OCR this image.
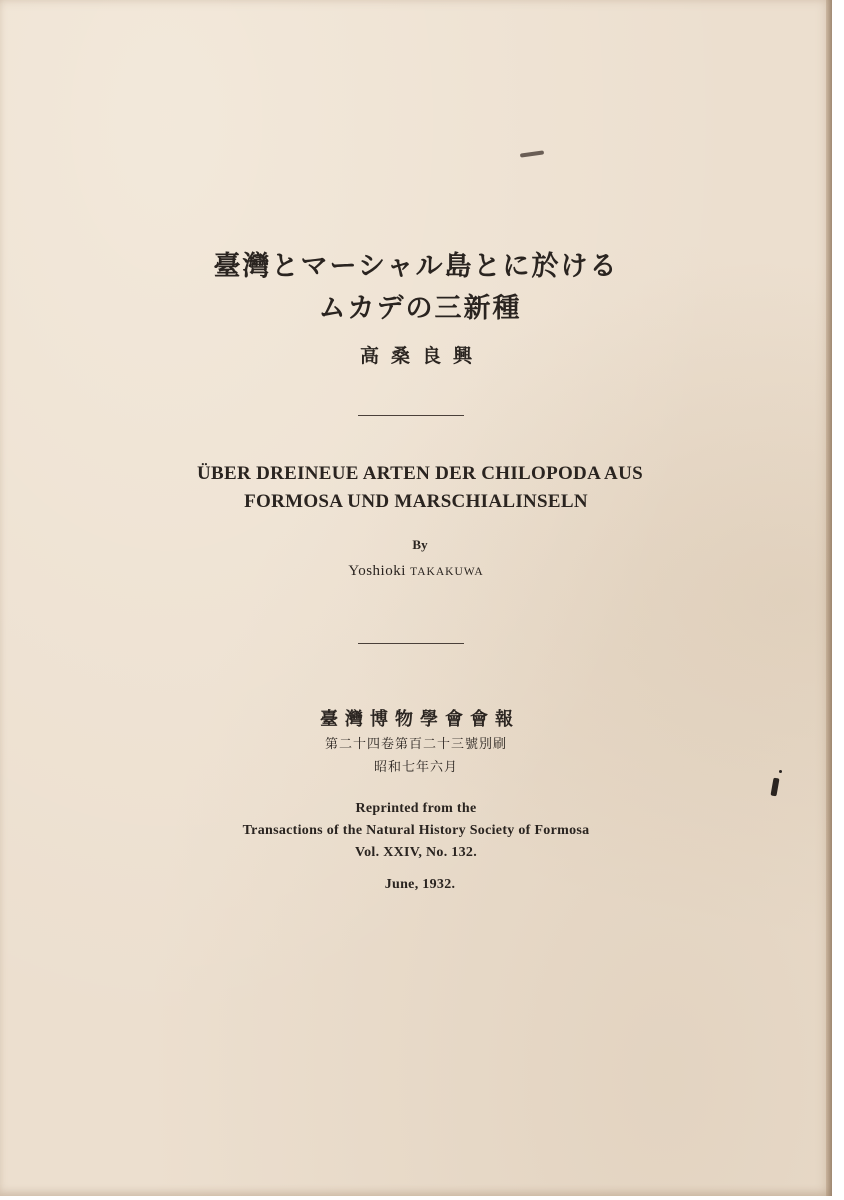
臺灣とマーシャル島とに於ける
ムカデの三新種
高桑良興
ÜBER DREINEUE ARTEN DER CHILOPODA AUS
FORMOSA UND MARSCHIALINSELN
By
Yoshioki TAKAKUWA
臺灣博物學會會報
第二十四卷第百二十三號別刷
昭和七年六月
Reprinted from the
Transactions of the Natural History Society of Formosa
Vol. XXIV, No. 132.
June, 1932.
